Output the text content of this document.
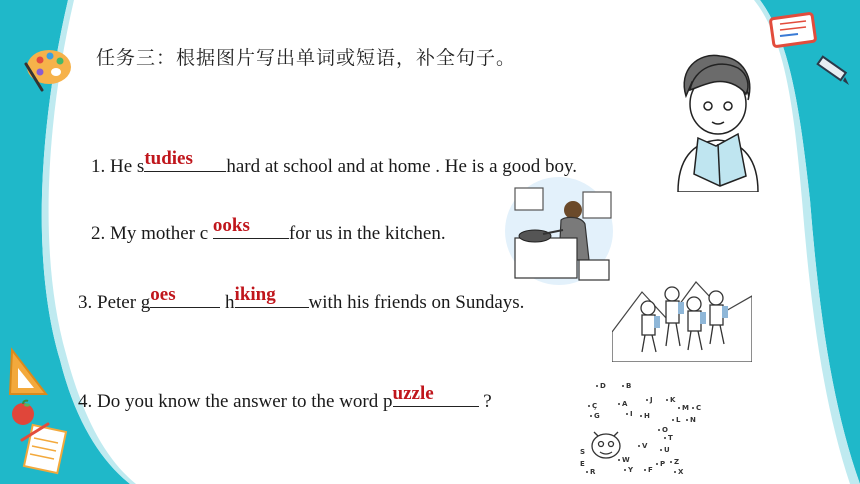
任务三：根据图片写出单词或短语，补全句子。
1. He s tudies hard at school and at home . He is a good boy.
2. My mother c ooks for us in the kitchen.
3. Peter g oes h iking with his friends on Sundays.
4. Do you know the answer to the word p uzzle ?
D	B
Ç	A	J K
M
N
G	I
L
H
O
T
U
V
S
W
Y
Z
X
F
E
R
P
C
